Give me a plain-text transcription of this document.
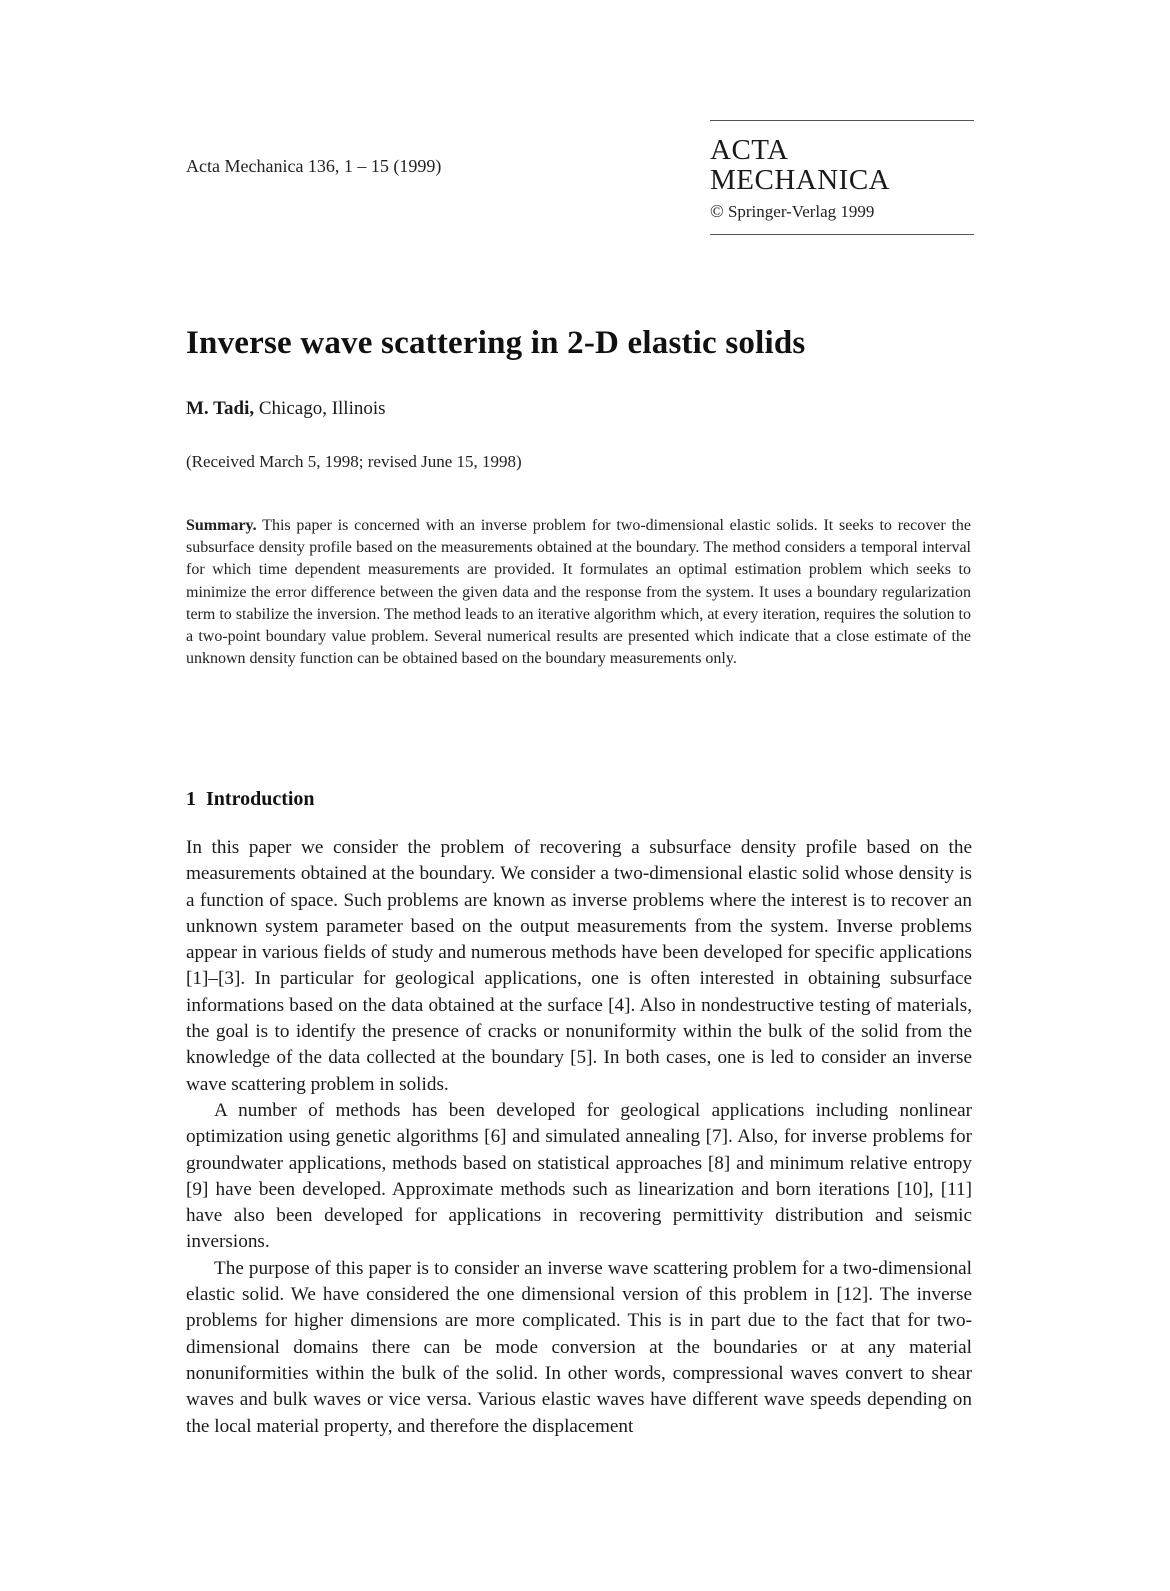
Acta Mechanica 136, 1 – 15 (1999)	ACTA MECHANICA
© Springer-Verlag 1999
Inverse wave scattering in 2-D elastic solids
M. Tadi, Chicago, Illinois
(Received March 5, 1998; revised June 15, 1998)

Summary. This paper is concerned with an inverse problem for two-dimensional elastic solids. It seeks to recover the subsurface density profile based on the measurements obtained at the boundary. The method considers a temporal interval for which time dependent measurements are provided. It formulates an optimal estimation problem which seeks to minimize the error difference between the given data and the response from the system. It uses a boundary regularization term to stabilize the inversion. The method leads to an iterative algorithm which, at every iteration, requires the solution to a two-point boundary value problem. Several numerical results are presented which indicate that a close estimate of the unknown density function can be obtained based on the boundary measurements only.

1 Introduction

In this paper we consider the problem of recovering a subsurface density profile based on the measurements obtained at the boundary. We consider a two-dimensional elastic solid whose density is a function of space. Such problems are known as inverse problems where the interest is to recover an unknown system parameter based on the output measurements from the system. Inverse problems appear in various fields of study and numerous methods have been developed for specific applications [1]–[3]. In particular for geological applications, one is often interested in obtaining subsurface informations based on the data obtained at the surface [4]. Also in nondestructive testing of materials, the goal is to identify the presence of cracks or nonuniformity within the bulk of the solid from the knowledge of the data collected at the boundary [5]. In both cases, one is led to consider an inverse wave scattering problem in solids.

A number of methods has been developed for geological applications including nonlinear optimization using genetic algorithms [6] and simulated annealing [7]. Also, for inverse problems for groundwater applications, methods based on statistical approaches [8] and minimum relative entropy [9] have been developed. Approximate methods such as linearization and born iterations [10], [11] have also been developed for applications in recovering permittivity distribution and seismic inversions.

The purpose of this paper is to consider an inverse wave scattering problem for a two-dimensional elastic solid. We have considered the one dimensional version of this problem in [12]. The inverse problems for higher dimensions are more complicated. This is in part due to the fact that for two-dimensional domains there can be mode conversion at the boundaries or at any material nonuniformities within the bulk of the solid. In other words, compressional waves convert to shear waves and bulk waves or vice versa. Various elastic waves have different wave speeds depending on the local material property, and therefore the displacement
